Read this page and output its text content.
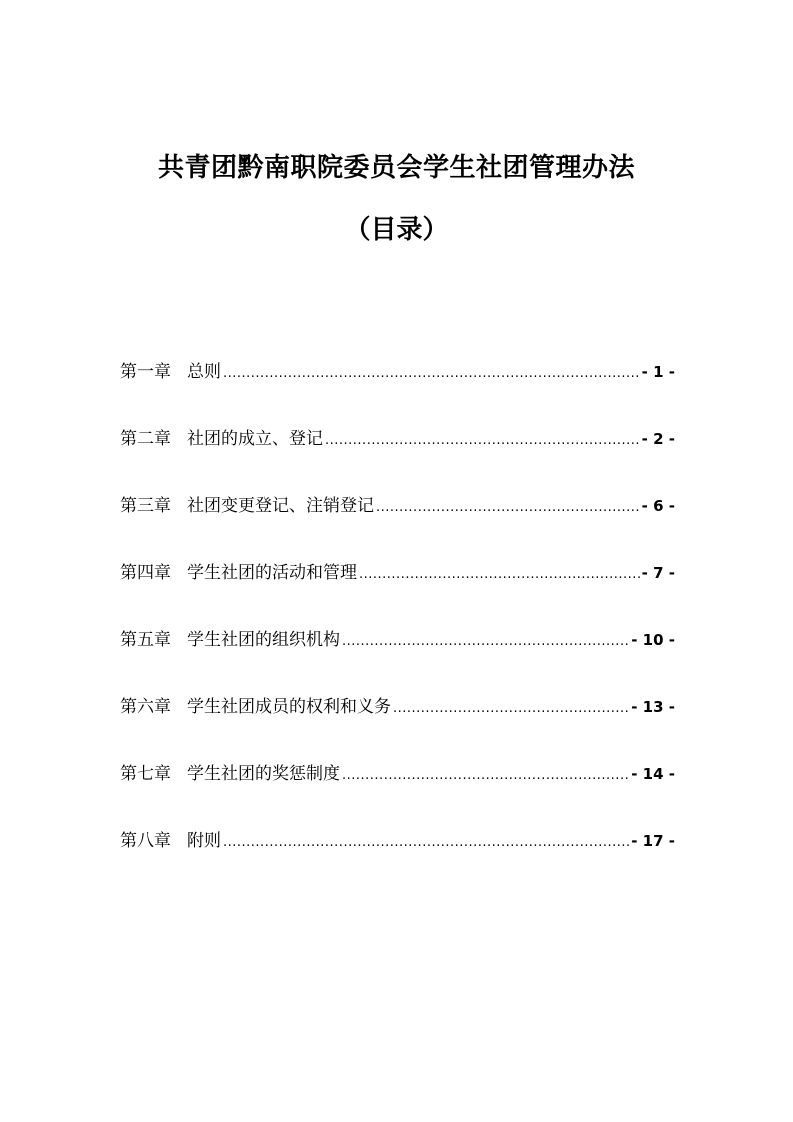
共青团黔南职院委员会学生社团管理办法
（目录）
第一章 总则 .....	- 1 -
第二章 社团的成立、登记 .....	- 2 -
第三章 社团变更登记、注销登记 .....	- 6 -
第四章 学生社团的活动和管理 .....	- 7 -
第五章 学生社团的组织机构 .....	- 10 -
第六章 学生社团成员的权利和义务 .....	- 13 -
第七章 学生社团的奖惩制度 .....	- 14 -
第八章 附则 .....	- 17 -
